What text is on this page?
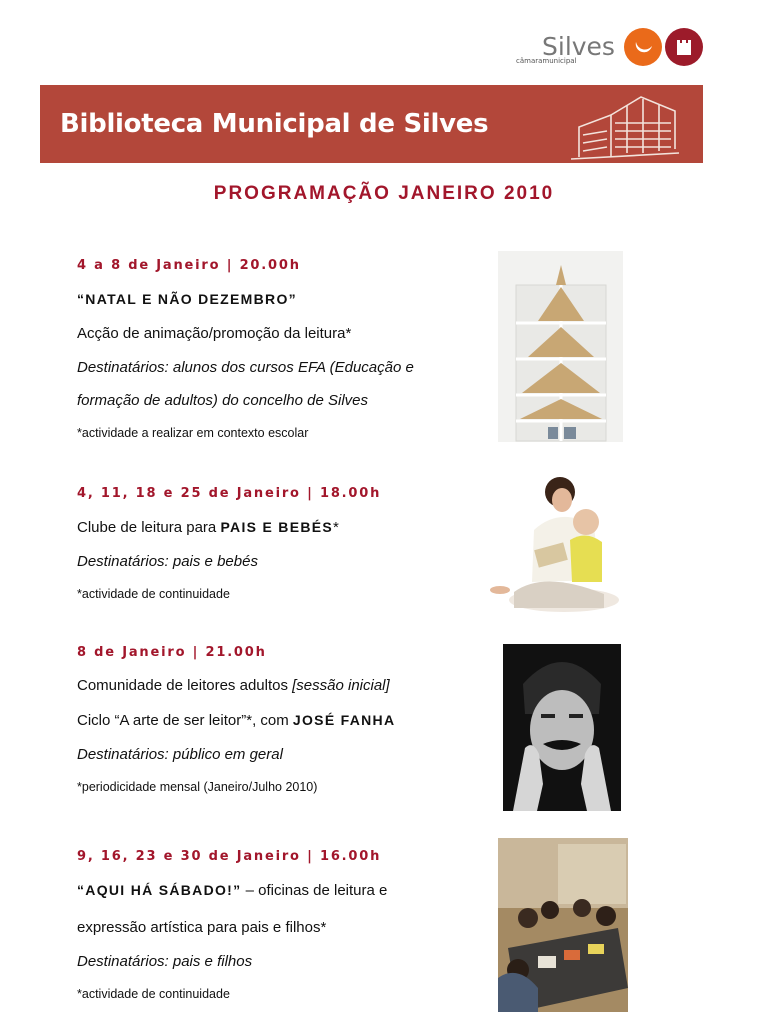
Silves
câmaramunicipal
Biblioteca Municipal de Silves
PROGRAMAÇÃO JANEIRO 2010
4 a 8 de Janeiro | 20.00h
“NATAL E NÃO DEZEMBRO”
Acção de animação/promoção da leitura*
Destinatários: alunos dos cursos EFA (Educação e
formação de adultos) do concelho de Silves
*actividade a realizar em contexto escolar
4, 11, 18 e 25 de Janeiro | 18.00h
Clube de leitura para PAIS E BEBÉS*
Destinatários: pais e bebés
*actividade de continuidade
8 de Janeiro | 21.00h
Comunidade de leitores adultos [sessão inicial]
Ciclo “A arte de ser leitor”*, com JOSÉ FANHA
Destinatários: público em geral
*periodicidade mensal (Janeiro/Julho 2010)
9, 16, 23 e 30 de Janeiro | 16.00h
“AQUI HÁ SÁBADO!” – oficinas de leitura e
expressão artística para pais e filhos*
Destinatários: pais e filhos
*actividade de continuidade
